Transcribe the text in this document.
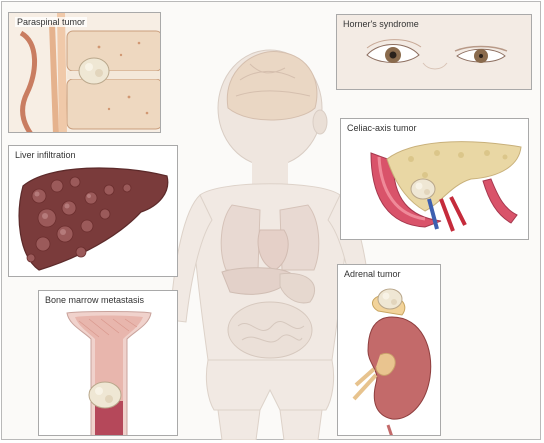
Paraspinal tumor
Liver infiltration
Bone marrow metastasis
Horner's syndrome
Celiac-axis tumor
Adrenal tumor
